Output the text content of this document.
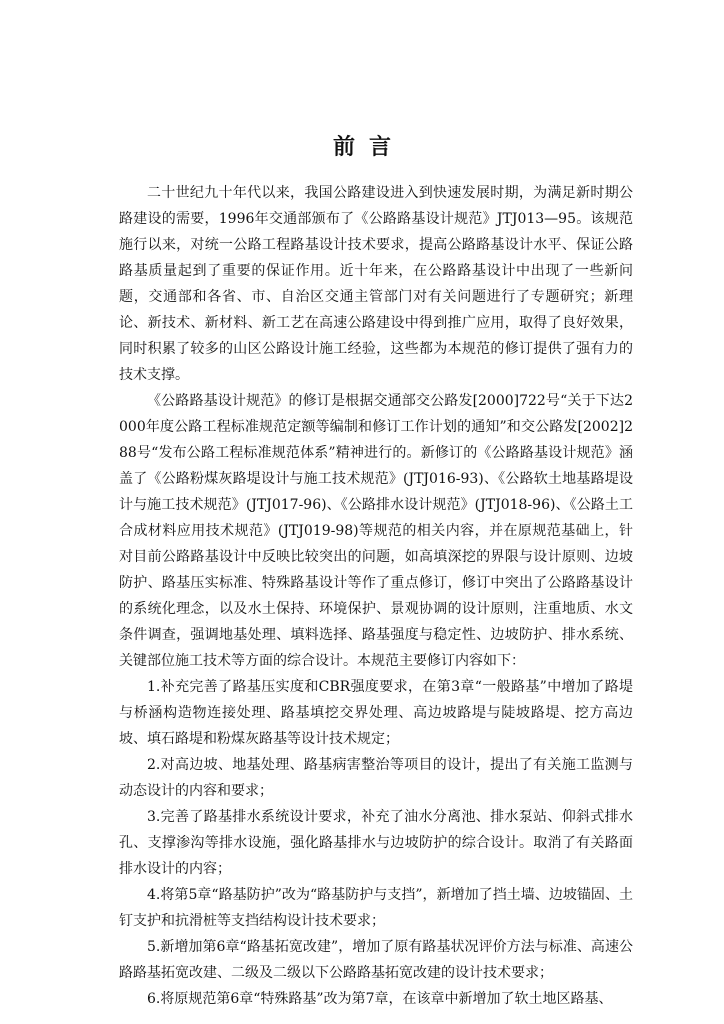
前言

二十世纪九十年代以来，我国公路建设进入到快速发展时期，为满足新时期公路建设的需要，1996年交通部颁布了《公路路基设计规范》JTJ013—95。该规范施行以来，对统一公路工程路基设计技术要求，提高公路路基设计水平、保证公路路基质量起到了重要的保证作用。近十年来，在公路路基设计中出现了一些新问题，交通部和各省、市、自治区交通主管部门对有关问题进行了专题研究；新理论、新技术、新材料、新工艺在高速公路建设中得到推广应用，取得了良好效果，同时积累了较多的山区公路设计施工经验，这些都为本规范的修订提供了强有力的技术支撑。

《公路路基设计规范》的修订是根据交通部交公路发[2000]722号“关于下达2000年度公路工程标准规范定额等编制和修订工作计划的通知”和交公路发[2002]288号“发布公路工程标准规范体系”精神进行的。新修订的《公路路基设计规范》涵盖了《公路粉煤灰路堤设计与施工技术规范》(JTJ016-93)、《公路软土地基路堤设计与施工技术规范》(JTJ017-96)、《公路排水设计规范》(JTJ018-96)、《公路土工合成材料应用技术规范》(JTJ019-98)等规范的相关内容，并在原规范基础上，针对目前公路路基设计中反映比较突出的问题，如高填深挖的界限与设计原则、边坡防护、路基压实标准、特殊路基设计等作了重点修订，修订中突出了公路路基设计的系统化理念，以及水土保持、环境保护、景观协调的设计原则，注重地质、水文条件调查，强调地基处理、填料选择、路基强度与稳定性、边坡防护、排水系统、关键部位施工技术等方面的综合设计。本规范主要修订内容如下：

1.补充完善了路基压实度和CBR强度要求，在第3章“一般路基”中增加了路堤与桥涵构造物连接处理、路基填挖交界处理、高边坡路堤与陡坡路堤、挖方高边坡、填石路堤和粉煤灰路基等设计技术规定；

2.对高边坡、地基处理、路基病害整治等项目的设计，提出了有关施工监测与动态设计的内容和要求；

3.完善了路基排水系统设计要求，补充了油水分离池、排水泵站、仰斜式排水孔、支撑渗沟等排水设施，强化路基排水与边坡防护的综合设计。取消了有关路面排水设计的内容；

4.将第5章“路基防护”改为“路基防护与支挡”，新增加了挡土墙、边坡锚固、土钉支护和抗滑桩等支挡结构设计技术要求；

5.新增加第6章“路基拓宽改建”，增加了原有路基状况评价方法与标准、高速公路路基拓宽改建、二级及二级以下公路路基拓宽改建的设计技术要求；

6.将原规范第6章“特殊路基”改为第7章，在该章中新增加了软土地区路基、
